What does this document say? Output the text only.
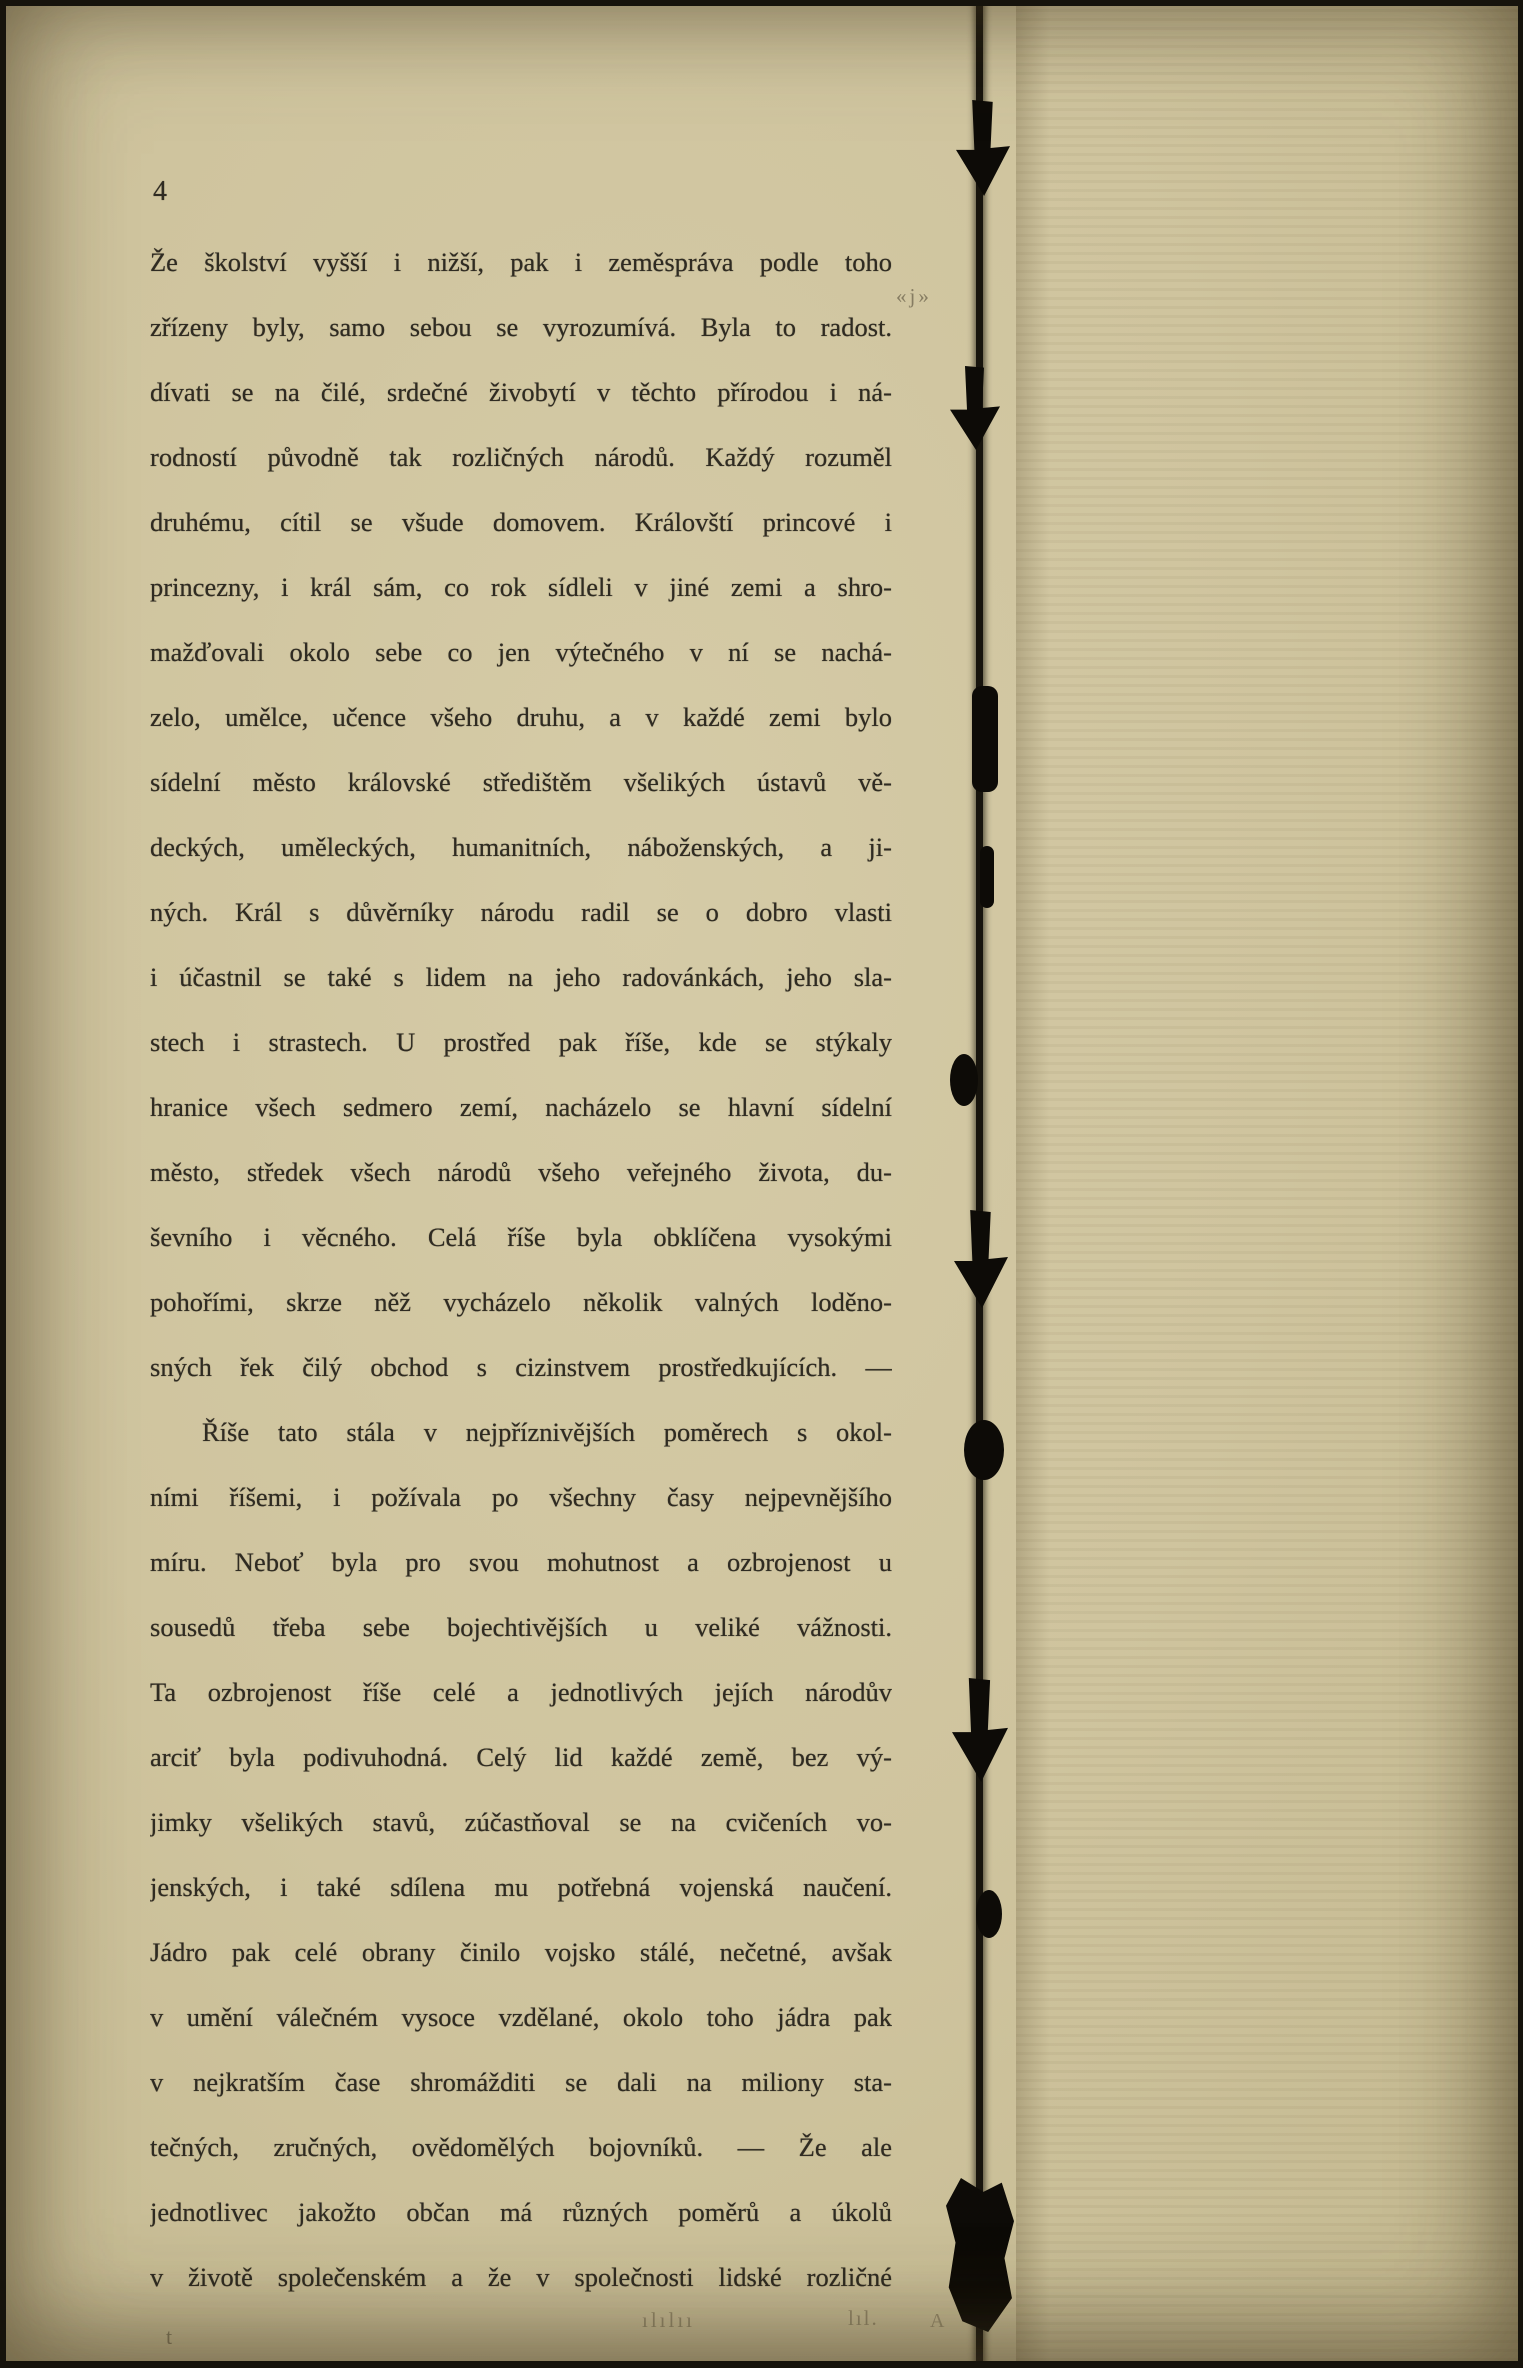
4
Že školství vyšší i nižší, pak i zeměspráva podle toho
zřízeny byly, samo sebou se vyrozumívá. Byla to radost.
dívati se na čilé, srdečné živobytí v těchto přírodou i ná-
rodností původně tak rozličných národů. Každý rozuměl
druhému, cítil se všude domovem. Královští princové i
princezny, i král sám, co rok sídleli v jiné zemi a shro-
mažďovali okolo sebe co jen výtečného v ní se nachá-
zelo, umělce, učence všeho druhu, a v každé zemi bylo
sídelní město královské středištěm všelikých ústavů vě-
deckých, uměleckých, humanitních, náboženských, a ji-
ných. Král s důvěrníky národu radil se o dobro vlasti
i účastnil se také s lidem na jeho radovánkách, jeho sla-
stech i strastech. U prostřed pak říše, kde se stýkaly
hranice všech sedmero zemí, nacházelo se hlavní sídelní
město, středek všech národů všeho veřejného života, du-
ševního i věcného. Celá říše byla obklíčena vysokými
pohořími, skrze něž vycházelo několik valných loděno-
sných řek čilý obchod s cizinstvem prostředkujících. —
Říše tato stála v nejpříznivějších poměrech s okol-
ními říšemi, i požívala po všechny časy nejpevnějšího
míru. Neboť byla pro svou mohutnost a ozbrojenost u
sousedů třeba sebe bojechtivějších u veliké vážnosti.
Ta ozbrojenost říše celé a jednotlivých jejích národův
arciť byla podivuhodná. Celý lid každé země, bez vý-
jimky všelikých stavů, zúčastňoval se na cvičeních vo-
jenských, i také sdílena mu potřebná vojenská naučení.
Jádro pak celé obrany činilo vojsko stálé, nečetné, avšak
v umění válečném vysoce vzdělané, okolo toho jádra pak
v nejkratším čase shromážditi se dali na miliony sta-
tečných, zručných, ovědomělých bojovníků. — Že ale
jednotlivec jakožto občan má různých poměrů a úkolů
v životě společenském a že v společnosti lidské rozličné
«j»
t
ılılıı	lıl.	A
